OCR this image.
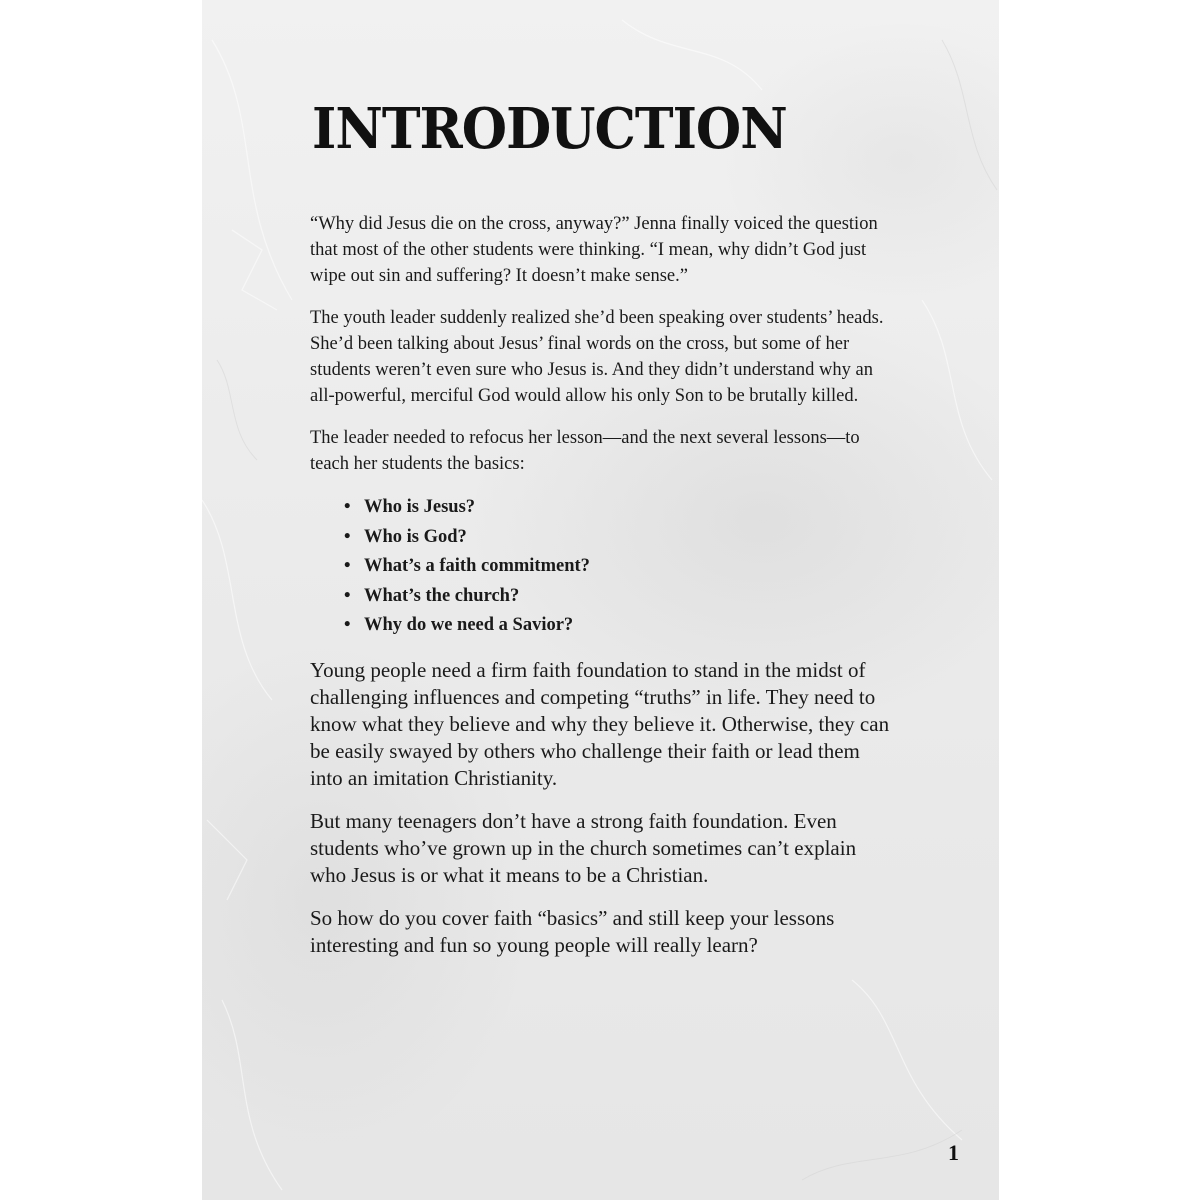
INTRODUCTION

“Why did Jesus die on the cross, anyway?” Jenna finally voiced the question that most of the other students were thinking. “I mean, why didn’t God just wipe out sin and suffering? It doesn’t make sense.”

The youth leader suddenly realized she’d been speaking over students’ heads. She’d been talking about Jesus’ final words on the cross, but some of her students weren’t even sure who Jesus is. And they didn’t understand why an all-powerful, merciful God would allow his only Son to be brutally killed.

The leader needed to refocus her lesson—and the next several lessons—to teach her students the basics:

• Who is Jesus?
• Who is God?
• What’s a faith commitment?
• What’s the church?
• Why do we need a Savior?

Young people need a firm faith foundation to stand in the midst of challenging influences and competing “truths” in life. They need to know what they believe and why they believe it. Otherwise, they can be easily swayed by others who challenge their faith or lead them into an imitation Christianity.

But many teenagers don’t have a strong faith foundation. Even students who’ve grown up in the church sometimes can’t explain who Jesus is or what it means to be a Christian.

So how do you cover faith “basics” and still keep your lessons interesting and fun so young people will really learn?

1
